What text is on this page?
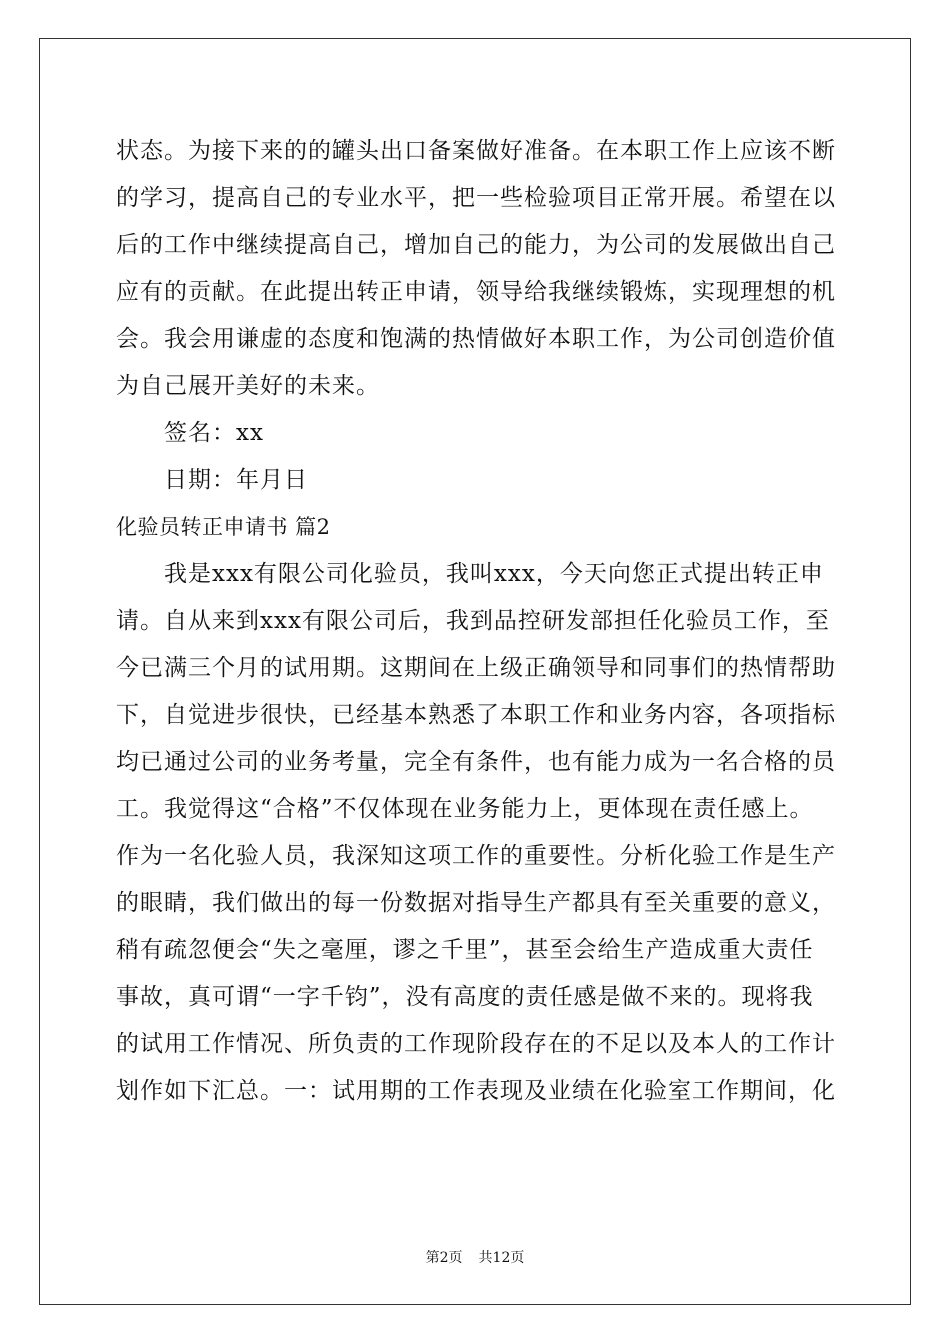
状态。为接下来的的罐头出口备案做好准备。在本职工作上应该不断
的学习，提高自己的专业水平，把一些检验项目正常开展。希望在以
后的工作中继续提高自己，增加自己的能力，为公司的发展做出自己
应有的贡献。在此提出转正申请，领导给我继续锻炼，实现理想的机
会。我会用谦虚的态度和饱满的热情做好本职工作，为公司创造价值
为自己展开美好的未来。
签名：xx
日期：年月日
化验员转正申请书 篇2
我是xxx有限公司化验员，我叫xxx，今天向您正式提出转正申
请。自从来到xxx有限公司后，我到品控研发部担任化验员工作，至
今已满三个月的试用期。这期间在上级正确领导和同事们的热情帮助
下，自觉进步很快，已经基本熟悉了本职工作和业务内容，各项指标
均已通过公司的业务考量，完全有条件，也有能力成为一名合格的员
工。我觉得这“合格”不仅体现在业务能力上，更体现在责任感上。
作为一名化验人员，我深知这项工作的重要性。分析化验工作是生产
的眼睛，我们做出的每一份数据对指导生产都具有至关重要的意义，
稍有疏忽便会“失之毫厘，谬之千里”，甚至会给生产造成重大责任
事故，真可谓“一字千钧”，没有高度的责任感是做不来的。现将我
的试用工作情况、所负责的工作现阶段存在的不足以及本人的工作计
划作如下汇总。一：试用期的工作表现及业绩在化验室工作期间，化
第2页 共12页
